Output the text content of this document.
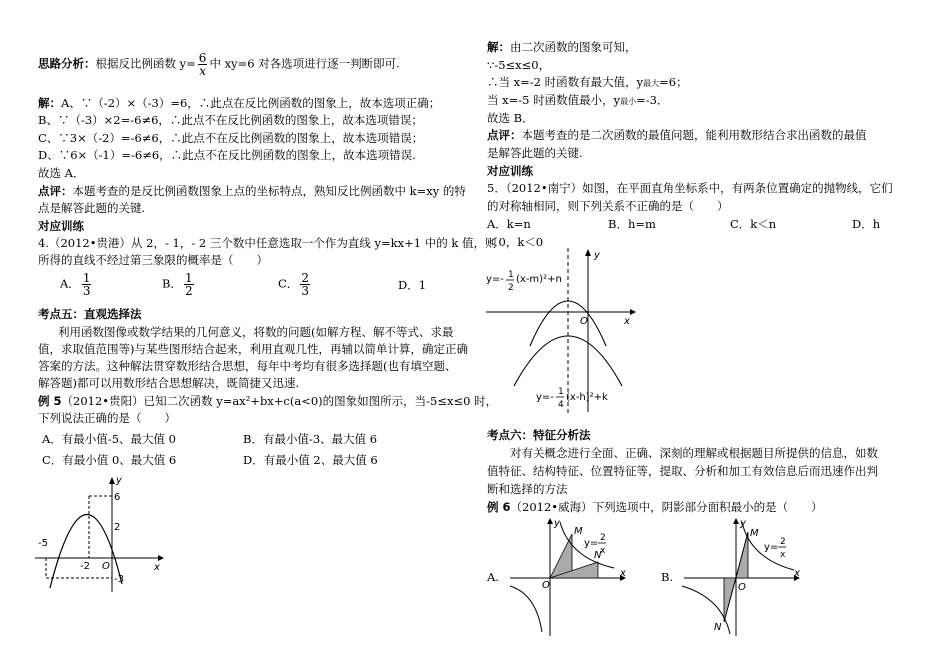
思路分析：根据反比例函数 $y= \frac{6}{x}$ 中 xy=6 对各选项进行逐一判断即可.
解：A、∵（-2）×（-3）=6，∴此点在反比例函数的图象上，故本选项正确；
B、∵（-3）×2=-6≠6，∴此点不在反比例函数的图象上，故本选项错误；
C、∵3×（-2）=-6≠6，∴此点不在反比例函数的图象上，故本选项错误；
D、∵6×（-1）=-6≠6，∴此点不在反比例函数的图象上，故本选项错误.
故选 A．
点评：本题考查的是反比例函数图象上点的坐标特点，熟知反比例函数中 k=xy 的特
点是解答此题的关键.
对应训练
4.（2012•贵港）从 2，- 1，- 2 三个数中任意选取一个作为直线 y=kx+1 中的 k 值，则
所得的直线不经过第三象限的概率是（　　）
A． $\frac{1}{3}$	B． $\frac{1}{2}$	C． $\frac{2}{3}$	D．1
考点五：直观选择法
利用函数图像或数学结果的几何意义，将数的问题(如解方程、解不等式、求最
值，求取值范围等)与某些图形结合起来，利用直观几性，再辅以简单计算，确定正确
答案的方法。这种解法贯穿数形结合思想，每年中考均有很多选择题(也有填空题、
解答题)都可以用数形结合思想解决，既简捷又迅速.
例 5（2012•贵阳）已知二次函数 y=ax²+bx+c(a<0)的图象如图所示，当-5≤x≤0 时，
下列说法正确的是（　　）
A．有最小值-5、最大值 0	B．有最小值-3、最大值 6
C．有最小值 0、最大值 6	D．有最小值 2、最大值 6
y
x
O
6
2
-2
-5
-3
解：由二次函数的图象可知，
∵-5≤x≤0，
∴当 x=-2 时函数有最大值，y最大=6；
当 x=-5 时函数值最小，y最小=-3．
故选 B．
点评：本题考查的是二次函数的最值问题，能利用数形结合求出函数的最值
是解答此题的关键.
对应训练
5．（2012•南宁）如图，在平面直角坐标系中，有两条位置确定的抛物线，它们
的对称轴相同，则下列关系不正确的是（　　）
A．k=n	B．h=m	C．k＜n	D．h
＜0，k＜0
y
x
O
y=- 1
2
(x-m)²+n
y=- 1
4
(x-h)²+k
考点六：特征分析法
对有关概念进行全面、正确、深刻的理解或根据题目所提供的信息，如数
值特征、结构特征、位置特征等，提取、分析和加工有效信息后而迅速作出判
断和选择的方法
例 6（2012•威海）下列选项中，阴影部分面积最小的是（　　）
A.
M
N
O
x
y
y= 2
x
B.
M
N
O
x
y
y= 2
x
